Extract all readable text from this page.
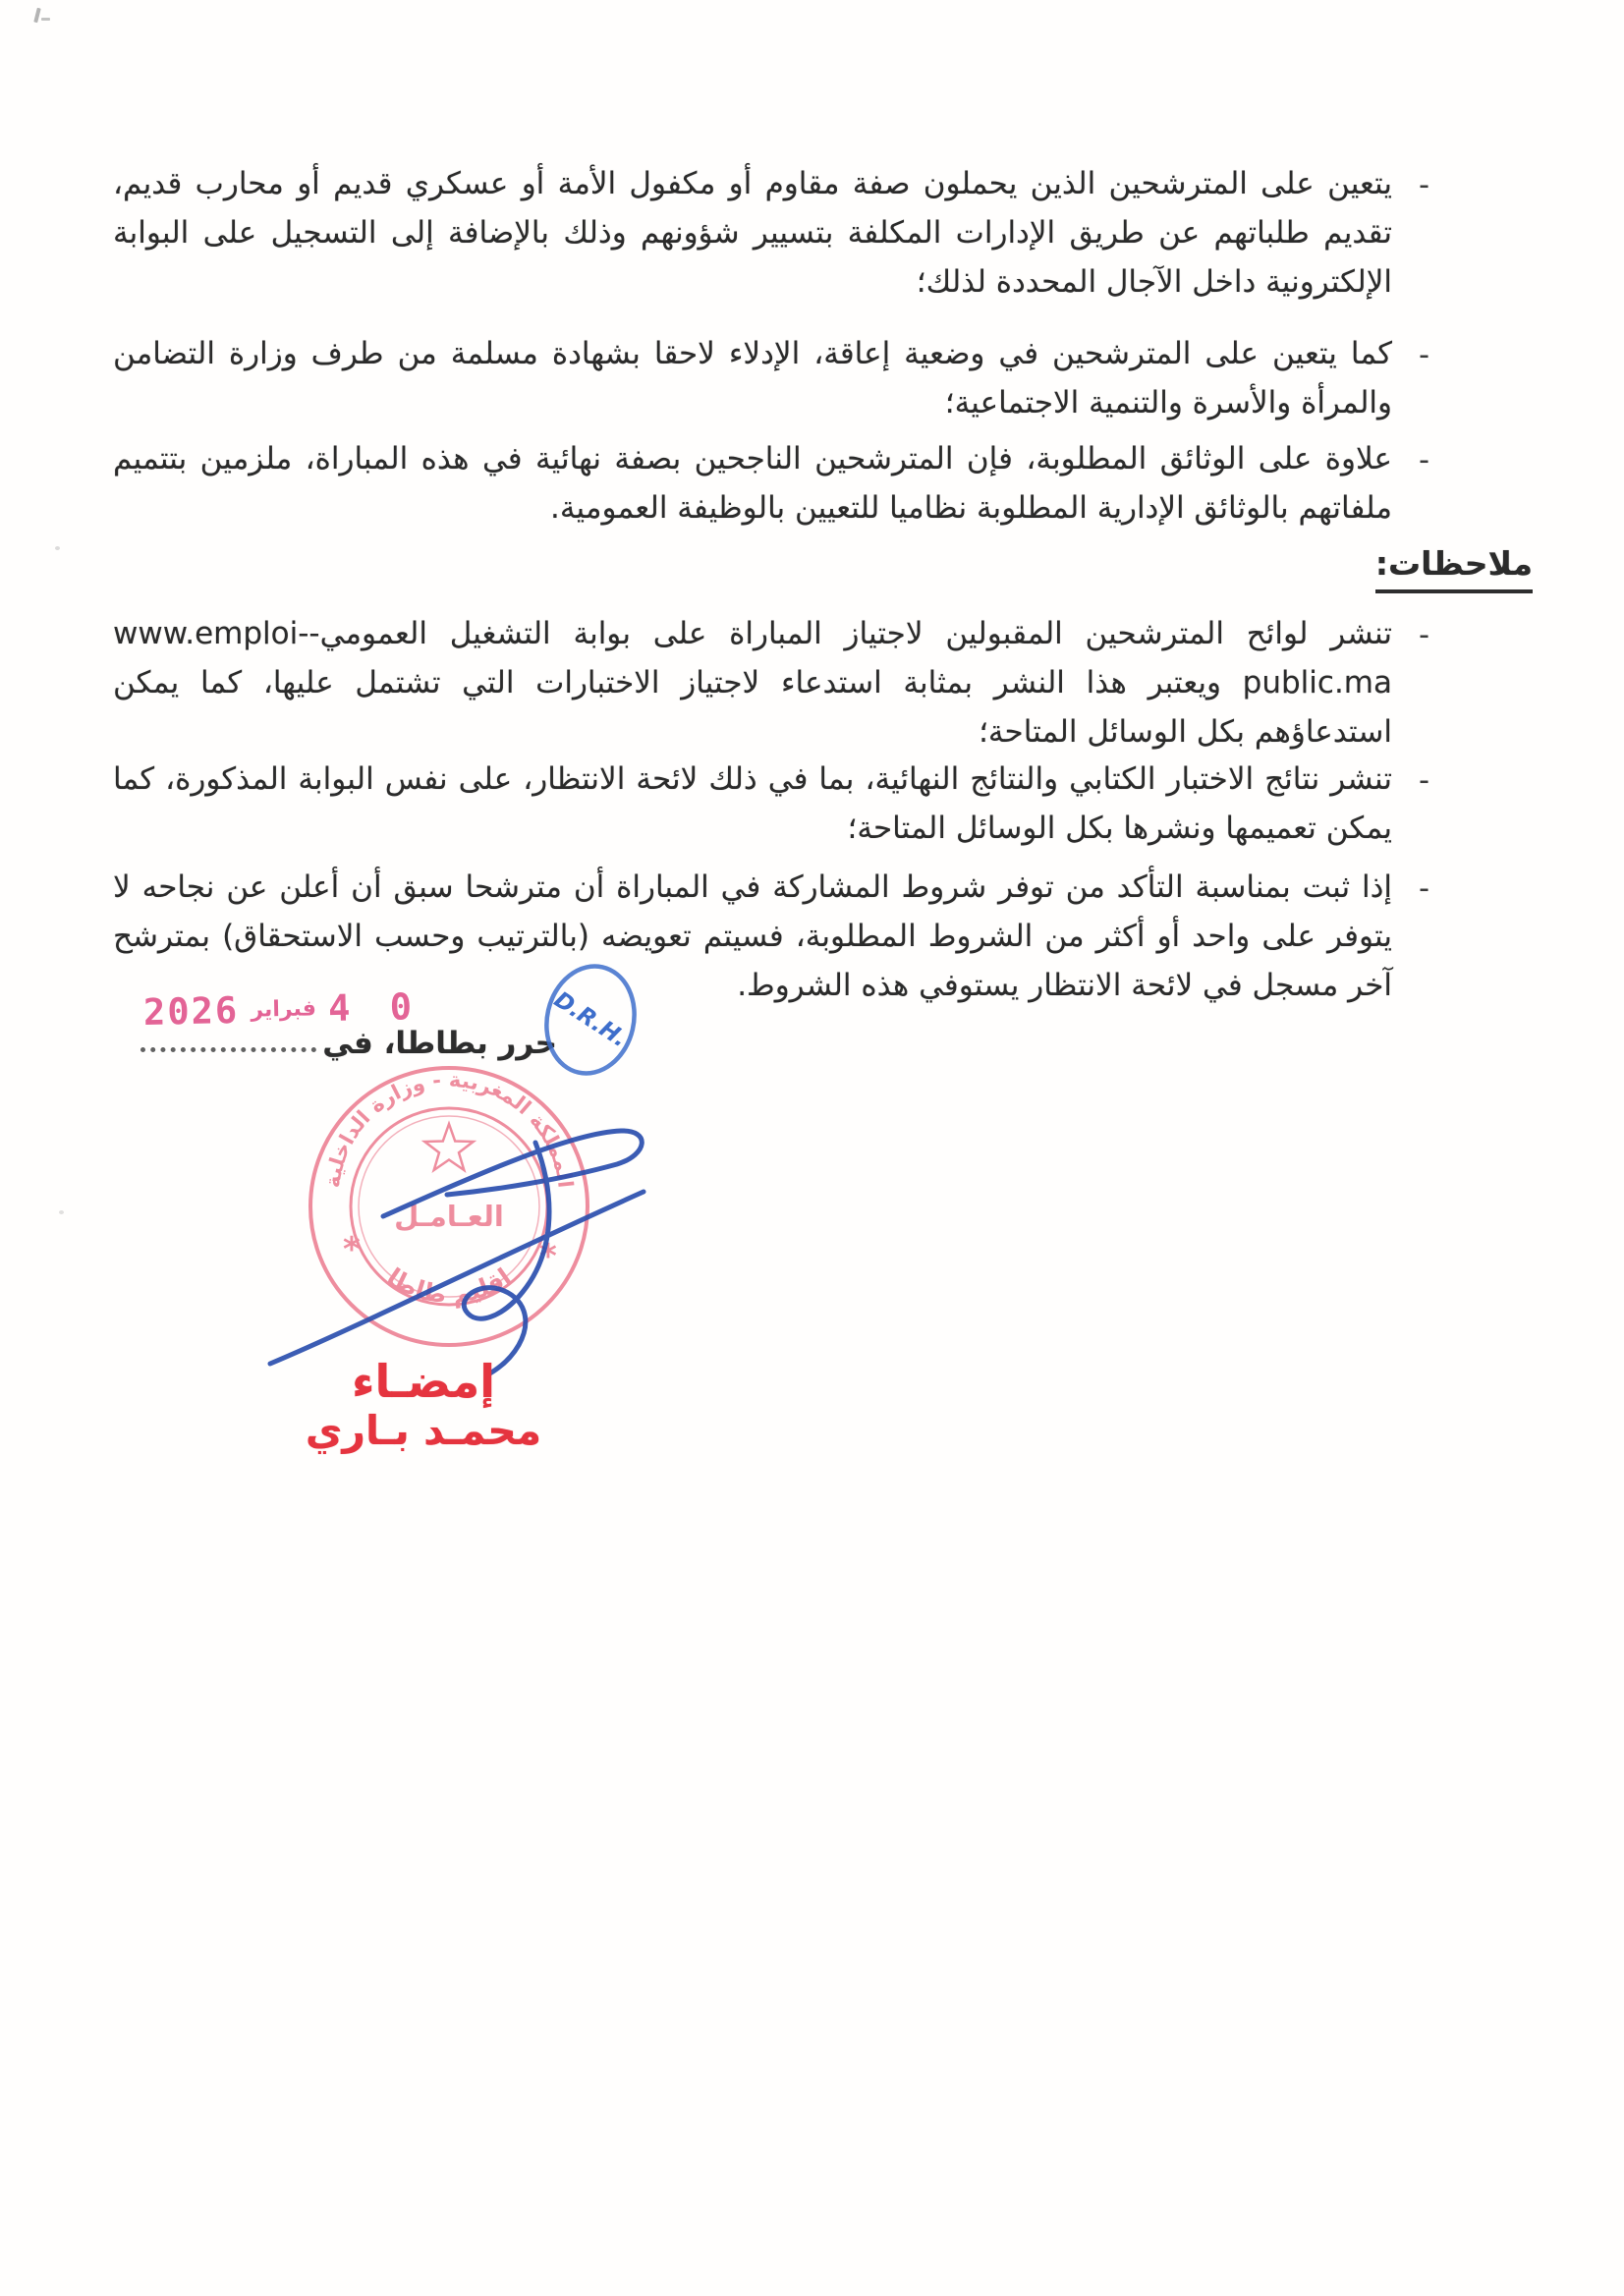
-
يتعين على المترشحين الذين يحملون صفة مقاوم أو مكفول الأمة أو عسكري قديم أو محارب قديم، تقديم طلباتهم عن طريق الإدارات المكلفة بتسيير شؤونهم وذلك بالإضافة إلى التسجيل على البوابة الإلكترونية داخل الآجال المحددة لذلك؛
-
كما يتعين على المترشحين في وضعية إعاقة، الإدلاء لاحقا بشهادة مسلمة من طرف وزارة التضامن والمرأة والأسرة والتنمية الاجتماعية؛
-
علاوة على الوثائق المطلوبة، فإن المترشحين الناجحين بصفة نهائية في هذه المباراة، ملزمين بتتميم ملفاتهم بالوثائق الإدارية المطلوبة نظاميا للتعيين بالوظيفة العمومية.
ملاحظات:
-
تنشر لوائح المترشحين المقبولين لاجتياز المباراة على بوابة التشغيل العمومي-www.emploi-public.ma ويعتبر هذا النشر بمثابة استدعاء لاجتياز الاختبارات التي تشتمل عليها، كما يمكن استدعاؤهم بكل الوسائل المتاحة؛
-
تنشر نتائج الاختبار الكتابي والنتائج النهائية، بما في ذلك لائحة الانتظار، على نفس البوابة المذكورة، كما يمكن تعميمها ونشرها بكل الوسائل المتاحة؛
-
إذا ثبت بمناسبة التأكد من توفر شروط المشاركة في المباراة أن مترشحا سبق أن أعلن عن نجاحه لا يتوفر على واحد أو أكثر من الشروط المطلوبة، فسيتم تعويضه (بالترتيب وحسب الاستحقاق) بمترشح آخر مسجل في لائحة الانتظار يستوفي هذه الشروط.
حرر بطاطا، في
0 4
فبراير
2026	D.R.H.
المملكة المغربية - وزارة الداخلية
اقليم طاطا
العـامـل
*	*
إمضـاء
محمـد بـاري
